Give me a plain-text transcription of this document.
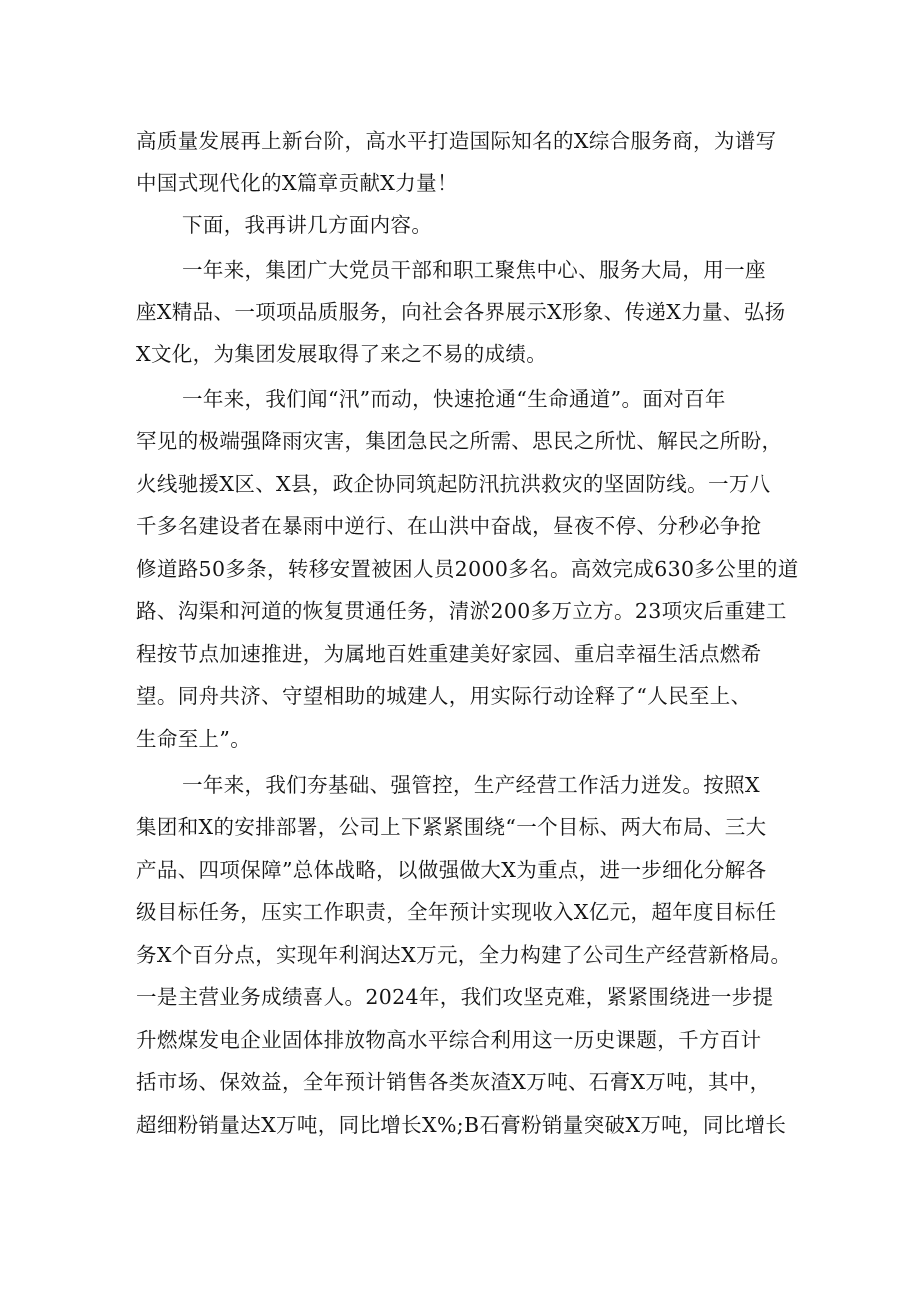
高质量发展再上新台阶，高水平打造国际知名的X综合服务商，为谱写

中国式现代化的X篇章贡献X力量！

下面，我再讲几方面内容。

一年来，集团广大党员干部和职工聚焦中心、服务大局，用一座

座X精品、一项项品质服务，向社会各界展示X形象、传递X力量、弘扬

X文化，为集团发展取得了来之不易的成绩。

一年来，我们闻“汛”而动，快速抢通“生命通道”。面对百年

罕见的极端强降雨灾害，集团急民之所需、思民之所忧、解民之所盼，

火线驰援X区、X县，政企协同筑起防汛抗洪救灾的坚固防线。一万八

千多名建设者在暴雨中逆行、在山洪中奋战，昼夜不停、分秒必争抢

修道路50多条，转移安置被困人员2000多名。高效完成630多公里的道

路、沟渠和河道的恢复贯通任务，清淤200多万立方。23项灾后重建工

程按节点加速推进，为属地百姓重建美好家园、重启幸福生活点燃希

望。同舟共济、守望相助的城建人，用实际行动诠释了“人民至上、

生命至上”。

一年来，我们夯基础、强管控，生产经营工作活力迸发。按照X

集团和X的安排部署，公司上下紧紧围绕“一个目标、两大布局、三大

产品、四项保障”总体战略，以做强做大X为重点，进一步细化分解各

级目标任务，压实工作职责，全年预计实现收入X亿元，超年度目标任

务X个百分点，实现年利润达X万元，全力构建了公司生产经营新格局。

一是主营业务成绩喜人。2024年，我们攻坚克难，紧紧围绕进一步提

升燃煤发电企业固体排放物高水平综合利用这一历史课题，千方百计

括市场、保效益，全年预计销售各类灰渣X万吨、石膏X万吨，其中，

超细粉销量达X万吨，同比增长X%;B石膏粉销量突破X万吨，同比增长
